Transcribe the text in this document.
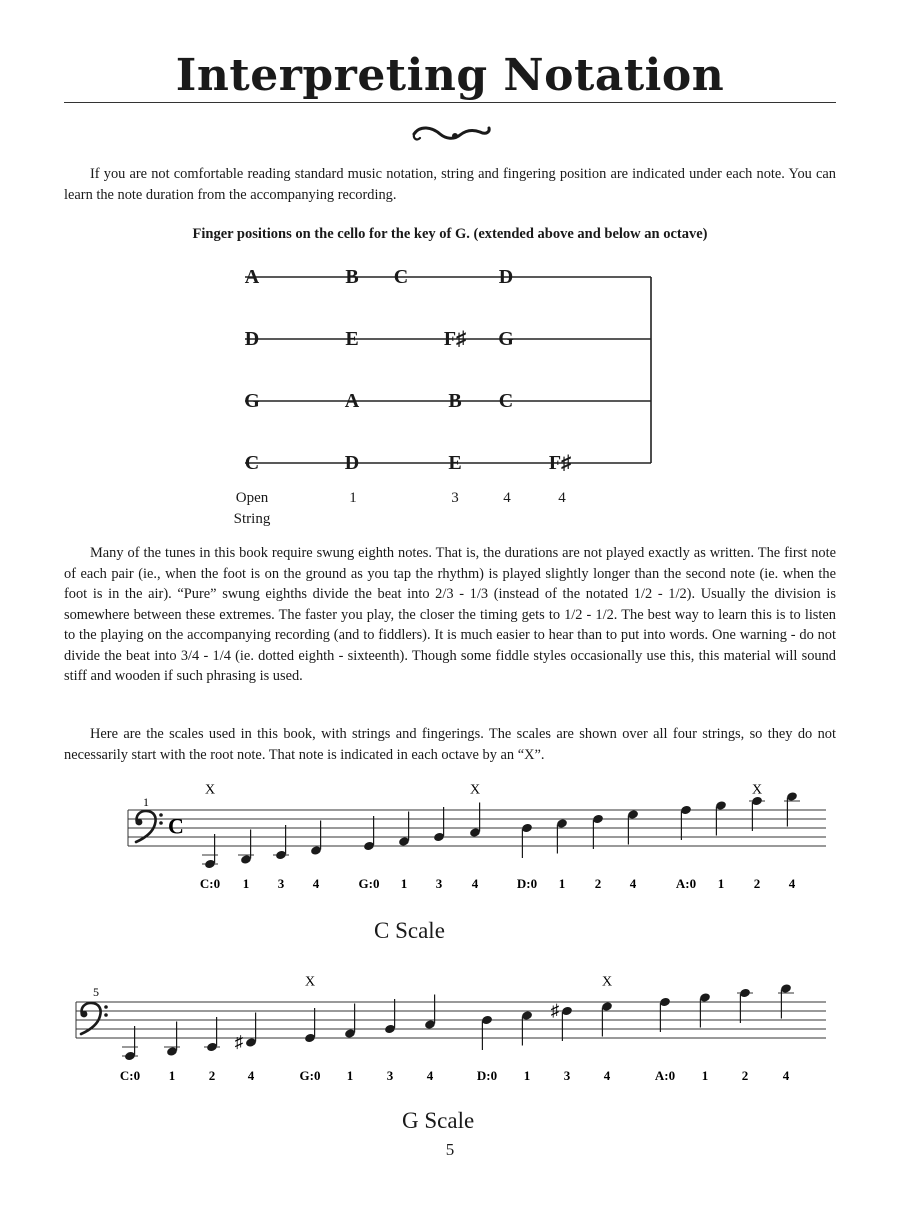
Interpreting Notation

If you are not comfortable reading standard music notation, string and fingering position are indicated under each note. You can learn the note duration from the accompanying recording.

Finger positions on the cello for the key of G. (extended above and below an octave)
A	B C	D
D	E	F♯ G
G	A	B C
C	D	E	F♯
Open
String
1	3	4	4

Many of the tunes in this book require swung eighth notes. That is, the durations are not played exactly as written. The first note of each pair (ie., when the foot is on the ground as you tap the rhythm) is played slightly longer than the second note (ie. when the foot is in the air). “Pure” swung eighths divide the beat into 2/3 - 1/3 (instead of the notated 1/2 - 1/2). Usually the division is somewhere between these extremes. The faster you play, the closer the timing gets to 1/2 - 1/2. The best way to learn this is to listen to the playing on the accompanying recording (and to fiddlers). It is much easier to hear than to put into words. One warning - do not divide the beat into 3/4 - 1/4 (ie. dotted eighth - sixteenth). Though some fiddle styles occasionally use this, this material will sound stiff and wooden if such phrasing is used.

Here are the scales used in this book, with strings and fingerings. The scales are shown over all four strings, so they do not necessarily start with the root note. That note is indicated in each octave by an “X”.

1
C
X
C:0 1 3 4	G:0 1 3
X
4	D:0 1 2 4	A:0 1
X
2 4
C Scale
5
C:0 1	2
♯
4
X
G:0 1	3	4	D:0 1
♯
3
X
4	A:0 1	2	4
G Scale
5
